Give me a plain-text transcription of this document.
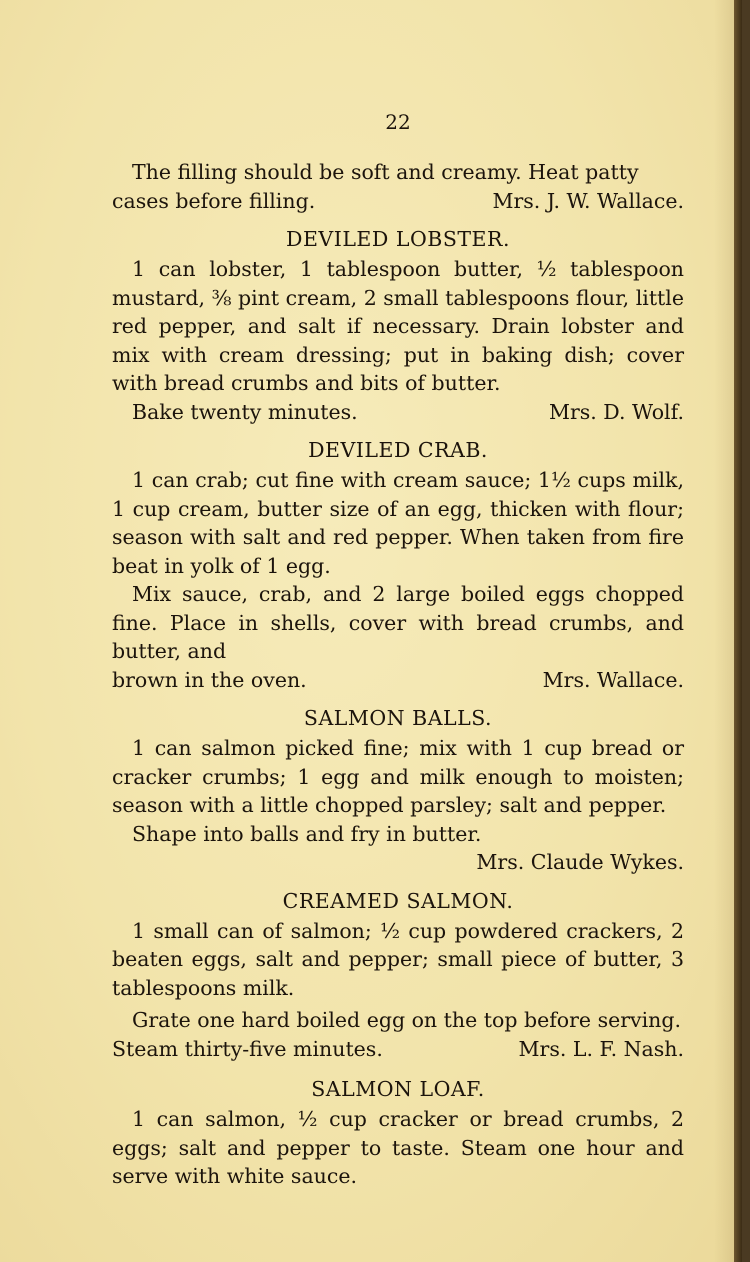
22

The filling should be soft and creamy. Heat patty

cases before filling.	Mrs. J. W. Wallace.
DEVILED LOBSTER.

1 can lobster, 1 tablespoon butter, ½ tablespoon mustard, ⅜ pint cream, 2 small tablespoons flour, little red pepper, and salt if necessary. Drain lobster and mix with cream dressing; put in baking dish; cover with bread crumbs and bits of butter.

Bake twenty minutes.	Mrs. D. Wolf.
DEVILED CRAB.

1 can crab; cut fine with cream sauce; 1½ cups milk, 1 cup cream, butter size of an egg, thicken with flour; season with salt and red pepper. When taken from fire beat in yolk of 1 egg.

Mix sauce, crab, and 2 large boiled eggs chopped fine. Place in shells, cover with bread crumbs, and butter, and

brown in the oven.	Mrs. Wallace.
SALMON BALLS.

1 can salmon picked fine; mix with 1 cup bread or cracker crumbs; 1 egg and milk enough to moisten; season with a little chopped parsley; salt and pepper.

Shape into balls and fry in butter.

Mrs. Claude Wykes.
CREAMED SALMON.

1 small can of salmon; ½ cup powdered crackers, 2 beaten eggs, salt and pepper; small piece of butter, 3 tablespoons milk.

Grate one hard boiled egg on the top before serving.

Steam thirty-five minutes.	Mrs. L. F. Nash.
SALMON LOAF.

1 can salmon, ½ cup cracker or bread crumbs, 2 eggs; salt and pepper to taste. Steam one hour and serve with white sauce.
